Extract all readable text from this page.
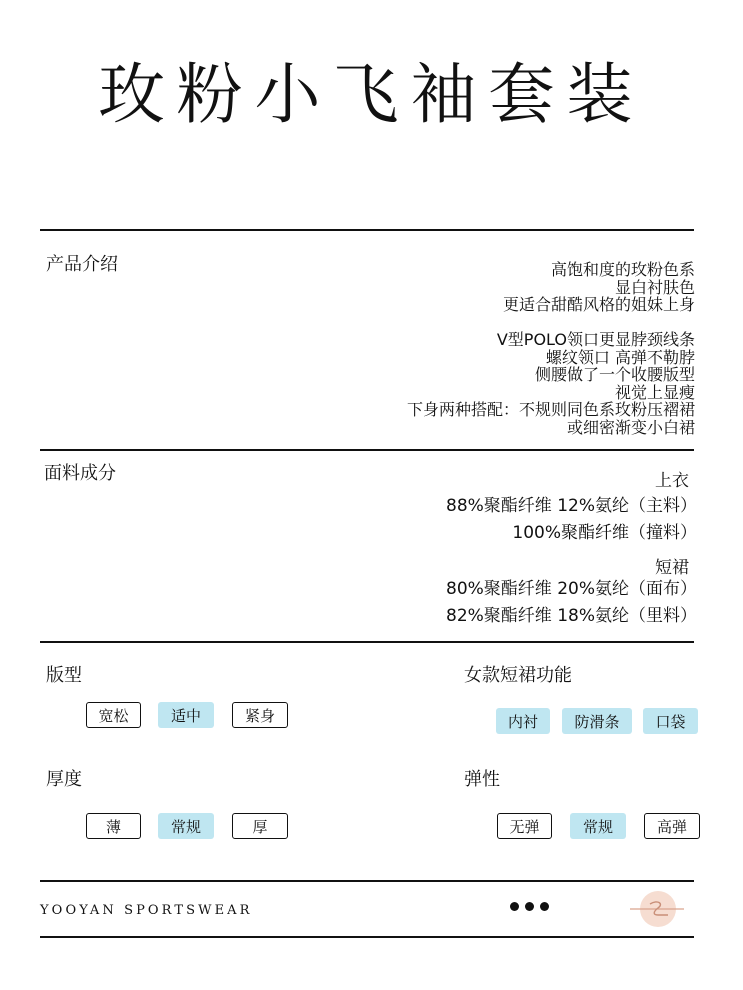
玫粉小飞袖套装
产品介绍	高饱和度的玫粉色系
显白衬肤色
更适合甜酷风格的姐妹上身
V型POLO领口更显脖颈线条
螺纹领口 高弹不勒脖
侧腰做了一个收腰版型
视觉上显瘦
下身两种搭配：不规则同色系玫粉压褶裙
或细密渐变小白裙
面料成分	上衣
88%聚酯纤维 12%氨纶（主料）
100%聚酯纤维（撞料）
短裙
80%聚酯纤维 20%氨纶（面布）
82%聚酯纤维 18%氨纶（里料）
版型
宽松	适中	紧身
女款短裙功能
内衬	防滑条	口袋
厚度
薄	常规	厚
弹性
无弹	常规	高弹
YOOYAN SPORTSWEAR
